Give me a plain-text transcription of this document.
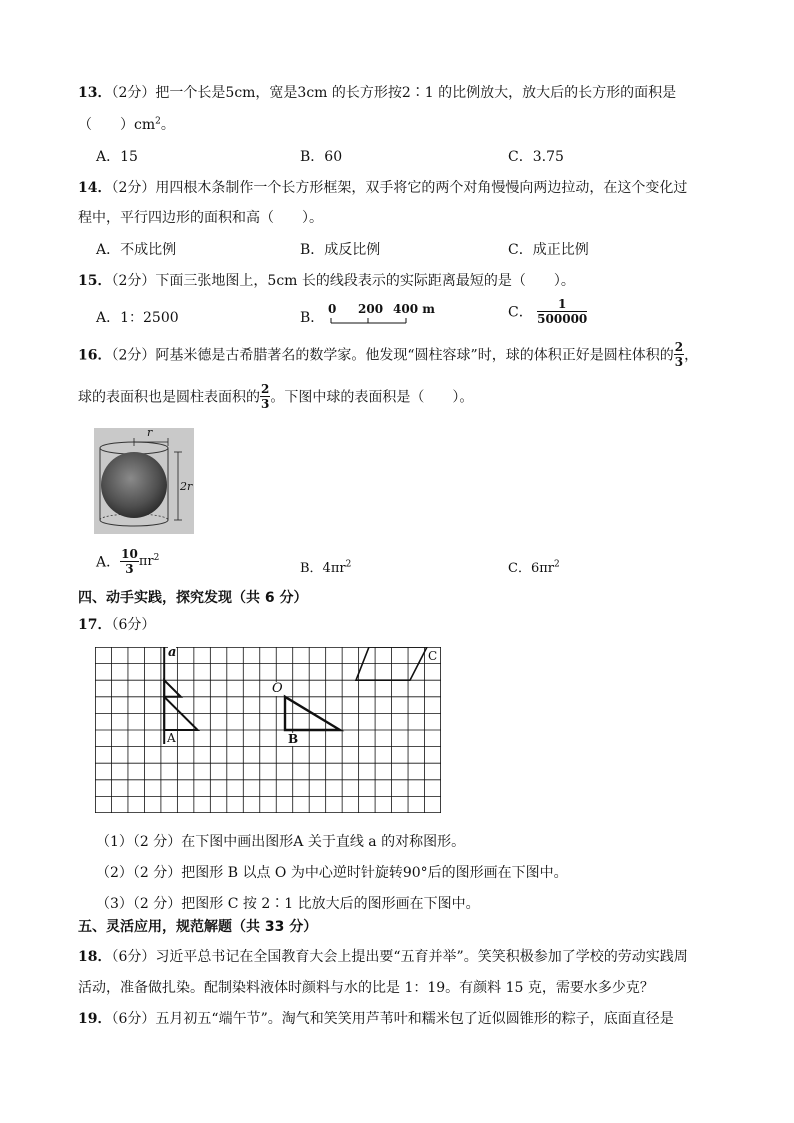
13．（2分）把一个长是5cm，宽是3cm 的长方形按2∶1 的比例放大，放大后的长方形的面积是
（　　）$cm^2$。
A．15	B．60	C．3.75
14．（2分）用四根木条制作一个长方形框架，双手将它的两个对角慢慢向两边拉动，在这个变化过
程中，平行四边形的面积和高（　　）。
A．不成比例	B．成反比例	C．成正比例
15．（2分）下面三张地图上，5cm 长的线段表示的实际距离最短的是（　　）。
A．1：2500	B．
0 200 400 m	C． $\frac{1}{500000}$
16．（2分）阿基米德是古希腊著名的数学家。他发现“圆柱容球”时，球的体积正好是圆柱体积的 $\frac{2}{3}$ ，
球的表面积也是圆柱表面积的 $\frac{2}{3}$ 。下图中球的表面积是（　　）。
r
2r
A． $\frac{10}{3} \pi r^2$
B．$4\pi r^2$	C．$6\pi r^2$
四、动手实践，探究发现（共 6 分）
17．（6分）
a
O
A	B
C
（1）（2 分）在下图中画出图形A 关于直线 a 的对称图形。
（2）（2 分）把图形 B 以点 O 为中心逆时针旋转90°后的图形画在下图中。
（3）（2 分）把图形 C 按 2∶1 比放大后的图形画在下图中。
五、灵活应用，规范解题（共 33 分）
18．（6分）习近平总书记在全国教育大会上提出要“五育并举”。笑笑积极参加了学校的劳动实践周
活动，准备做扎染。配制染料液体时颜料与水的比是 1：19。有颜料 15 克，需要水多少克？
19．（6分）五月初五“端午节”。淘气和笑笑用芦苇叶和糯米包了近似圆锥形的粽子，底面直径是
